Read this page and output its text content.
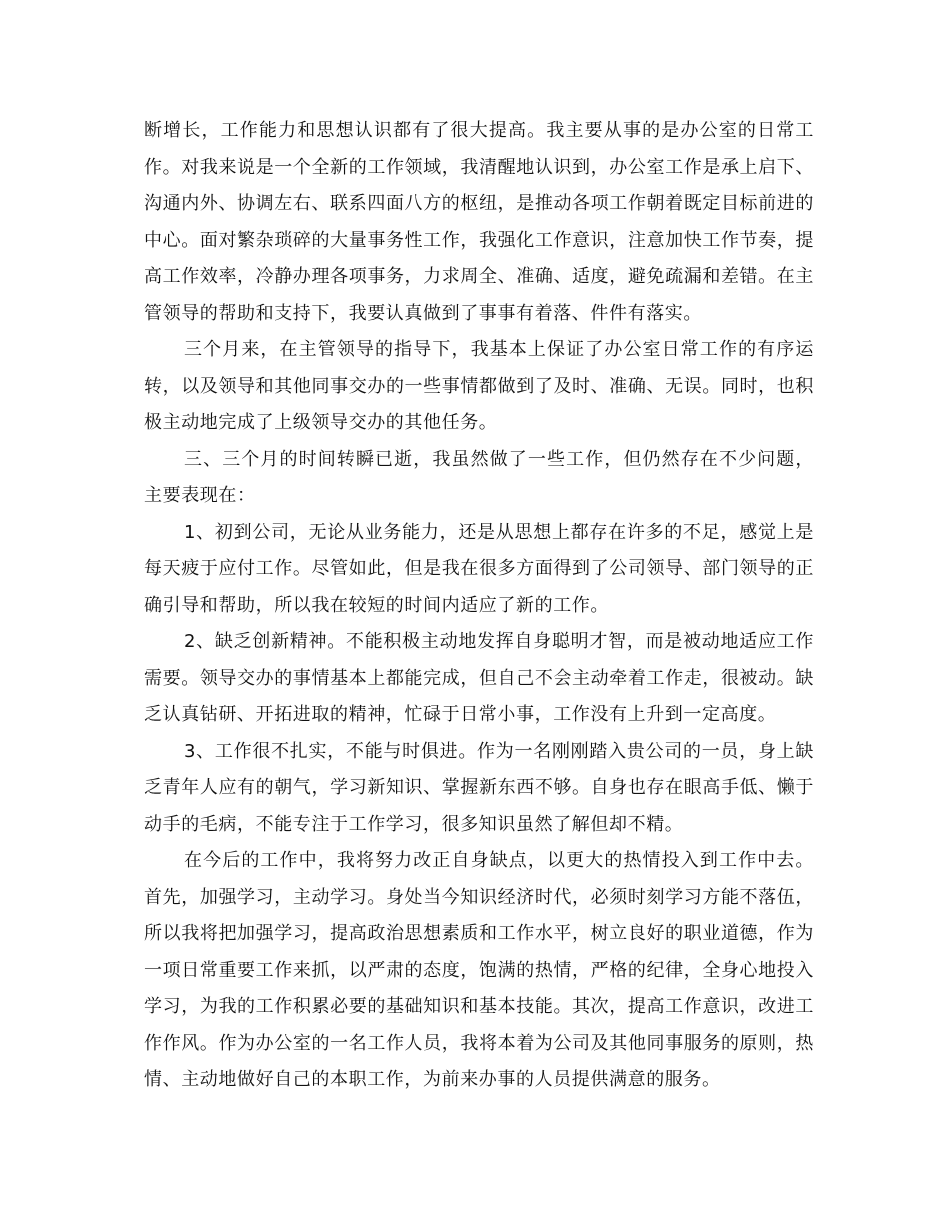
断增长，工作能力和思想认识都有了很大提高。我主要从事的是办公室的日常工作。对我来说是一个全新的工作领域，我清醒地认识到，办公室工作是承上启下、沟通内外、协调左右、联系四面八方的枢纽，是推动各项工作朝着既定目标前进的中心。面对繁杂琐碎的大量事务性工作，我强化工作意识，注意加快工作节奏，提高工作效率，冷静办理各项事务，力求周全、准确、适度，避免疏漏和差错。在主管领导的帮助和支持下，我要认真做到了事事有着落、件件有落实。

三个月来，在主管领导的指导下，我基本上保证了办公室日常工作的有序运转，以及领导和其他同事交办的一些事情都做到了及时、准确、无误。同时，也积极主动地完成了上级领导交办的其他任务。

三、三个月的时间转瞬已逝，我虽然做了一些工作，但仍然存在不少问题，主要表现在：

1、初到公司，无论从业务能力，还是从思想上都存在许多的不足，感觉上是每天疲于应付工作。尽管如此，但是我在很多方面得到了公司领导、部门领导的正确引导和帮助，所以我在较短的时间内适应了新的工作。

2、缺乏创新精神。不能积极主动地发挥自身聪明才智，而是被动地适应工作需要。领导交办的事情基本上都能完成，但自己不会主动牵着工作走，很被动。缺乏认真钻研、开拓进取的精神，忙碌于日常小事，工作没有上升到一定高度。

3、工作很不扎实，不能与时俱进。作为一名刚刚踏入贵公司的一员，身上缺乏青年人应有的朝气，学习新知识、掌握新东西不够。自身也存在眼高手低、懒于动手的毛病，不能专注于工作学习，很多知识虽然了解但却不精。

在今后的工作中，我将努力改正自身缺点，以更大的热情投入到工作中去。首先，加强学习，主动学习。身处当今知识经济时代，必须时刻学习方能不落伍，所以我将把加强学习，提高政治思想素质和工作水平，树立良好的职业道德，作为一项日常重要工作来抓，以严肃的态度，饱满的热情，严格的纪律，全身心地投入学习，为我的工作积累必要的基础知识和基本技能。其次，提高工作意识，改进工作作风。作为办公室的一名工作人员，我将本着为公司及其他同事服务的原则，热情、主动地做好自己的本职工作，为前来办事的人员提供满意的服务。
